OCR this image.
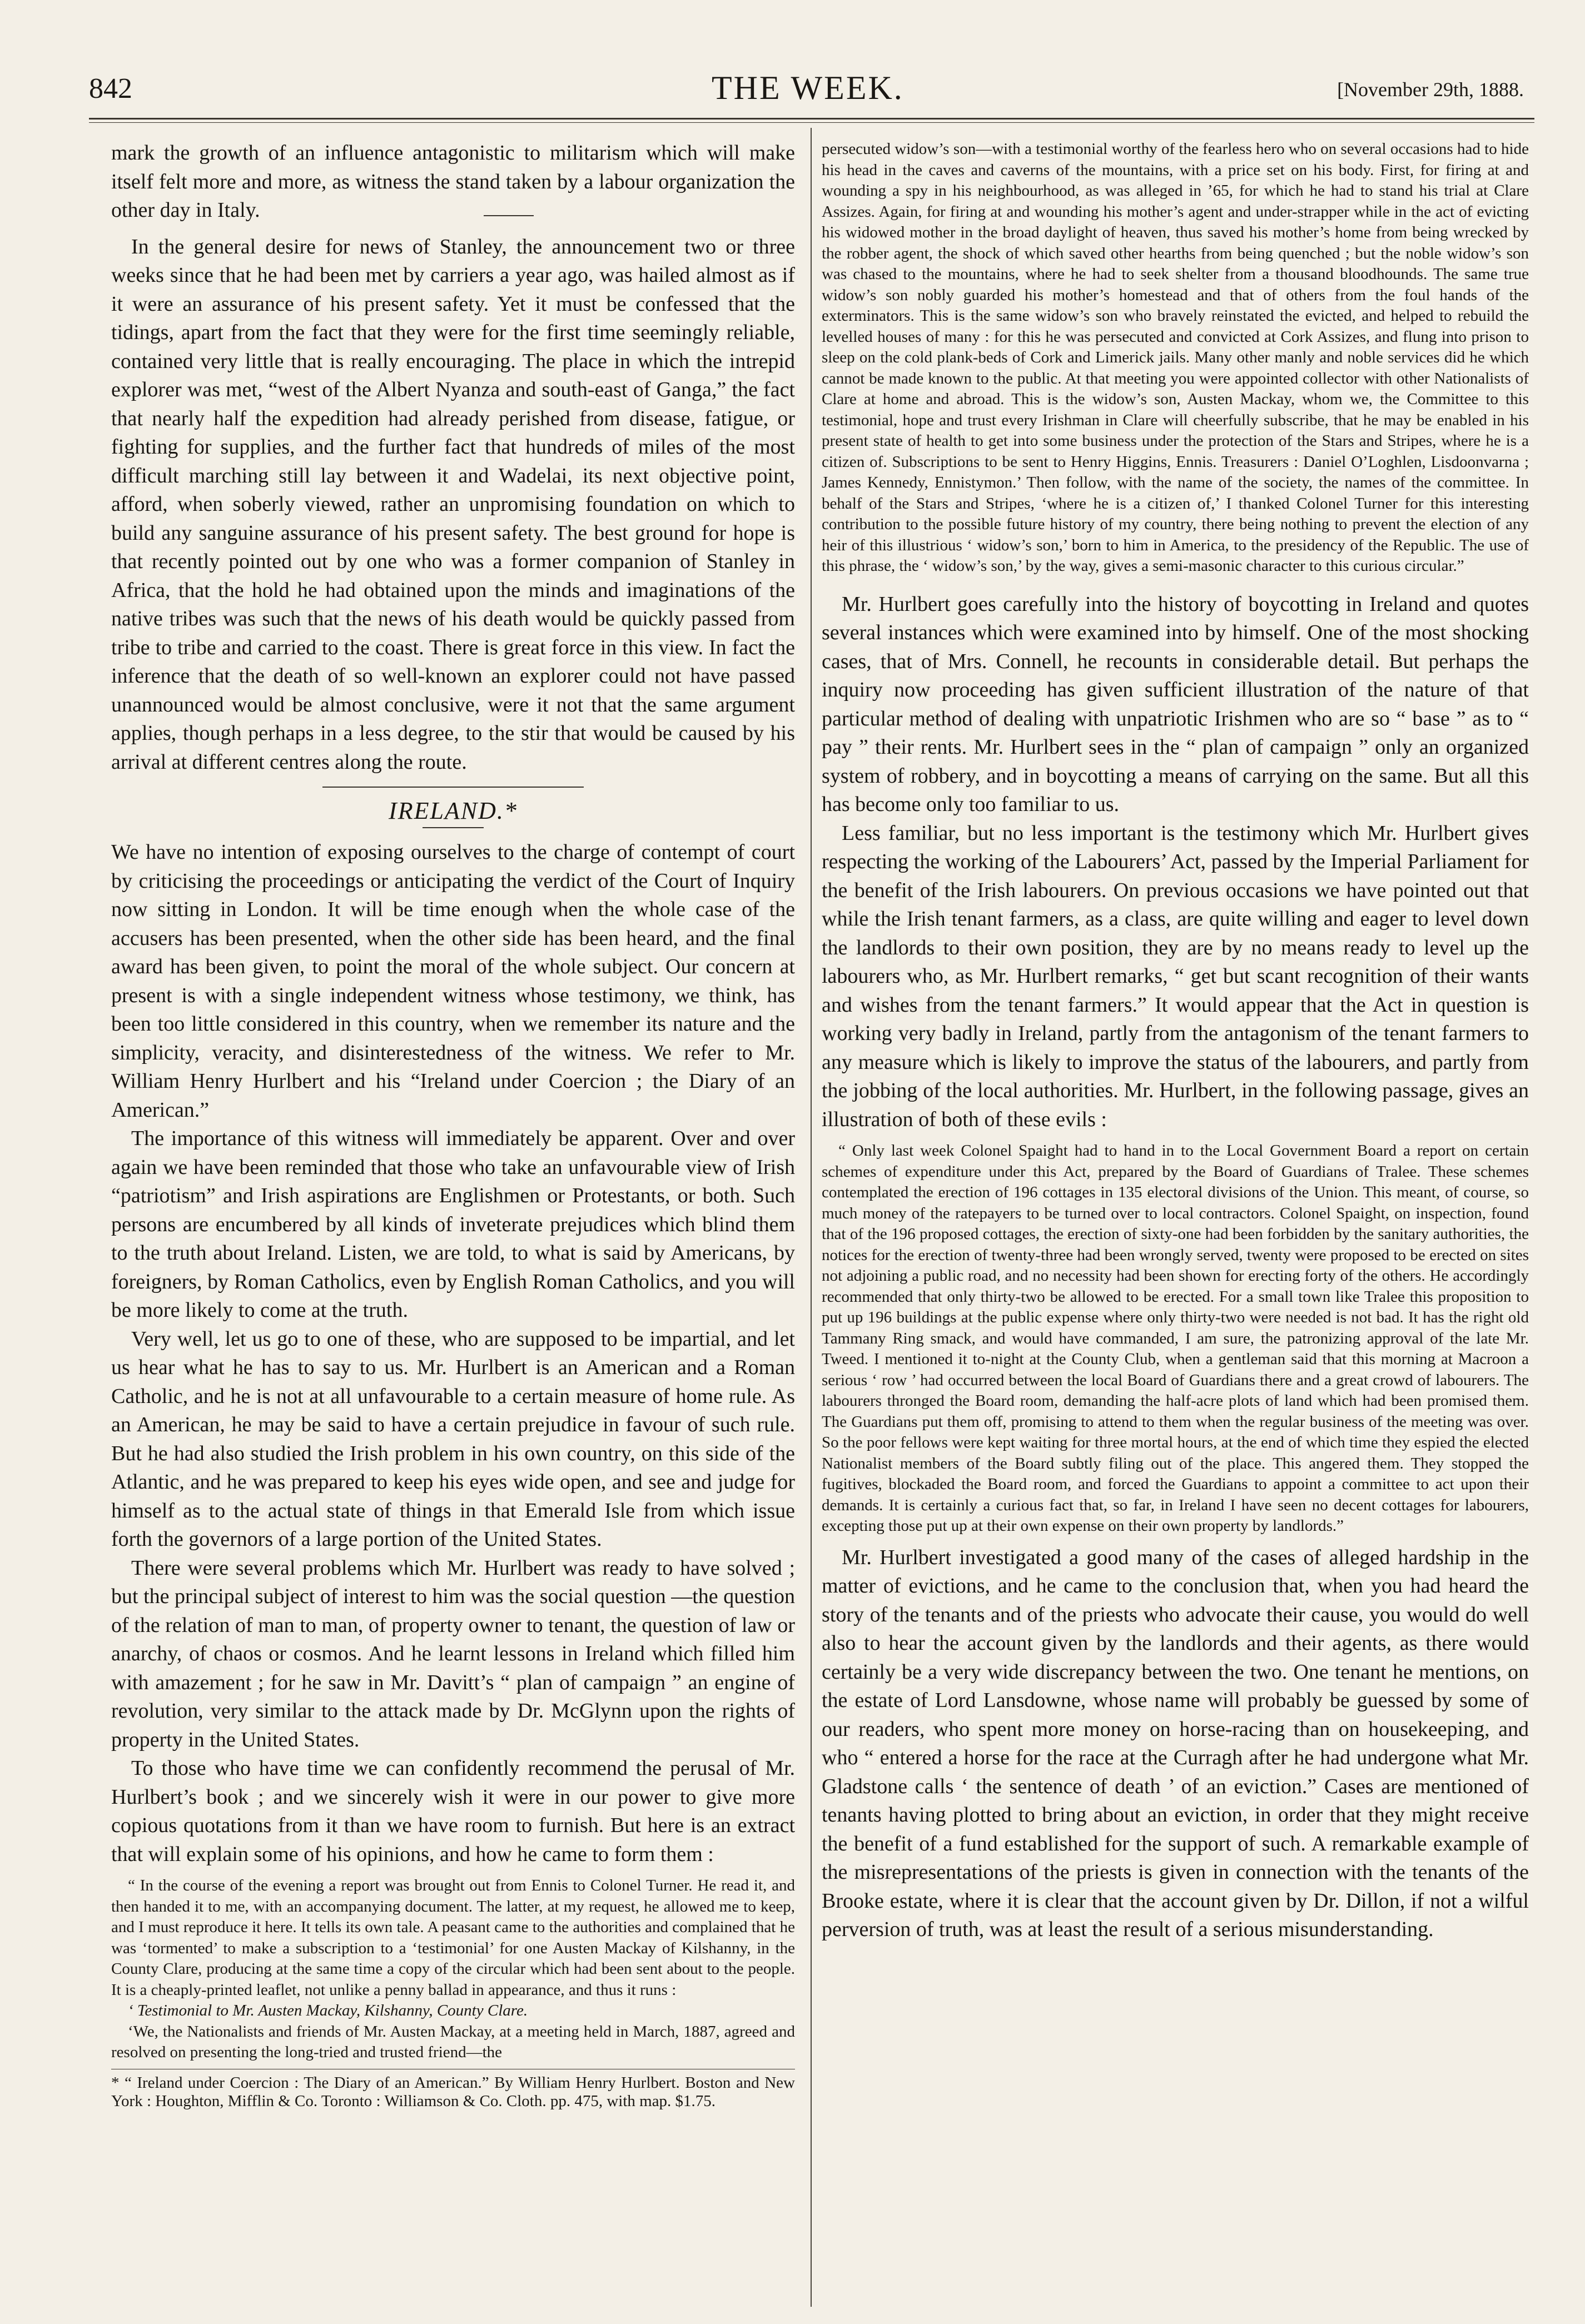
842	THE WEEK.	[November 29th, 1888.

mark the growth of an influence antagonistic to militarism which will make itself felt more and more, as witness the stand taken by a labour organization the other day in Italy.

In the general desire for news of Stanley, the announcement two or three weeks since that he had been met by carriers a year ago, was hailed almost as if it were an assurance of his present safety. Yet it must be confessed that the tidings, apart from the fact that they were for the first time seemingly reliable, contained very little that is really encouraging. The place in which the intrepid explorer was met, “west of the Albert Nyanza and south-east of Ganga,” the fact that nearly half the expedition had already perished from disease, fatigue, or fighting for supplies, and the further fact that hundreds of miles of the most difficult marching still lay between it and Wadelai, its next objective point, afford, when soberly viewed, rather an unpromising foundation on which to build any sanguine assurance of his present safety. The best ground for hope is that recently pointed out by one who was a former companion of Stanley in Africa, that the hold he had obtained upon the minds and imaginations of the native tribes was such that the news of his death would be quickly passed from tribe to tribe and carried to the coast. There is great force in this view. In fact the inference that the death of so well-known an explorer could not have passed unannounced would be almost conclusive, were it not that the same argument applies, though perhaps in a less degree, to the stir that would be caused by his arrival at different centres along the route.

IRELAND.*

We have no intention of exposing ourselves to the charge of contempt of court by criticising the proceedings or anticipating the verdict of the Court of Inquiry now sitting in London. It will be time enough when the whole case of the accusers has been presented, when the other side has been heard, and the final award has been given, to point the moral of the whole subject. Our concern at present is with a single independent witness whose testimony, we think, has been too little considered in this country, when we remember its nature and the simplicity, veracity, and disinterestedness of the witness. We refer to Mr. William Henry Hurlbert and his “Ireland under Coercion ; the Diary of an American.”

The importance of this witness will immediately be apparent. Over and over again we have been reminded that those who take an unfavourable view of Irish “patriotism” and Irish aspirations are Englishmen or Protestants, or both. Such persons are encumbered by all kinds of inveterate prejudices which blind them to the truth about Ireland. Listen, we are told, to what is said by Americans, by foreigners, by Roman Catholics, even by English Roman Catholics, and you will be more likely to come at the truth.

Very well, let us go to one of these, who are supposed to be impartial, and let us hear what he has to say to us. Mr. Hurlbert is an American and a Roman Catholic, and he is not at all unfavourable to a certain measure of home rule. As an American, he may be said to have a certain prejudice in favour of such rule. But he had also studied the Irish problem in his own country, on this side of the Atlantic, and he was prepared to keep his eyes wide open, and see and judge for himself as to the actual state of things in that Emerald Isle from which issue forth the governors of a large portion of the United States.

There were several problems which Mr. Hurlbert was ready to have solved ; but the principal subject of interest to him was the social question —the question of the relation of man to man, of property owner to tenant, the question of law or anarchy, of chaos or cosmos. And he learnt lessons in Ireland which filled him with amazement ; for he saw in Mr. Davitt’s “ plan of campaign ” an engine of revolution, very similar to the attack made by Dr. McGlynn upon the rights of property in the United States.

To those who have time we can confidently recommend the perusal of Mr. Hurlbert’s book ; and we sincerely wish it were in our power to give more copious quotations from it than we have room to furnish. But here is an extract that will explain some of his opinions, and how he came to form them :

“ In the course of the evening a report was brought out from Ennis to Colonel Turner. He read it, and then handed it to me, with an accompanying document. The latter, at my request, he allowed me to keep, and I must reproduce it here. It tells its own tale. A peasant came to the authorities and complained that he was ‘tormented’ to make a subscription to a ‘testimonial’ for one Austen Mackay of Kilshanny, in the County Clare, producing at the same time a copy of the circular which had been sent about to the people. It is a cheaply-printed leaflet, not unlike a penny ballad in appearance, and thus it runs :

‘ Testimonial to Mr. Austen Mackay, Kilshanny, County Clare.

‘We, the Nationalists and friends of Mr. Austen Mackay, at a meeting held in March, 1887, agreed and resolved on presenting the long-tried and trusted friend—the

* “ Ireland under Coercion : The Diary of an American.” By William Henry Hurlbert. Boston and New York : Houghton, Mifflin & Co. Toronto : Williamson & Co. Cloth. pp. 475, with map. $1.75.

persecuted widow’s son—with a testimonial worthy of the fearless hero who on several occasions had to hide his head in the caves and caverns of the mountains, with a price set on his body. First, for firing at and wounding a spy in his neighbourhood, as was alleged in ’65, for which he had to stand his trial at Clare Assizes. Again, for firing at and wounding his mother’s agent and under-strapper while in the act of evicting his widowed mother in the broad daylight of heaven, thus saved his mother’s home from being wrecked by the robber agent, the shock of which saved other hearths from being quenched ; but the noble widow’s son was chased to the mountains, where he had to seek shelter from a thousand bloodhounds. The same true widow’s son nobly guarded his mother’s homestead and that of others from the foul hands of the exterminators. This is the same widow’s son who bravely reinstated the evicted, and helped to rebuild the levelled houses of many : for this he was persecuted and convicted at Cork Assizes, and flung into prison to sleep on the cold plank-beds of Cork and Limerick jails. Many other manly and noble services did he which cannot be made known to the public. At that meeting you were appointed collector with other Nationalists of Clare at home and abroad. This is the widow’s son, Austen Mackay, whom we, the Committee to this testimonial, hope and trust every Irishman in Clare will cheerfully subscribe, that he may be enabled in his present state of health to get into some business under the protection of the Stars and Stripes, where he is a citizen of. Subscriptions to be sent to Henry Higgins, Ennis. Treasurers : Daniel O’Loghlen, Lisdoonvarna ; James Kennedy, Ennistymon.’ Then follow, with the name of the society, the names of the committee. In behalf of the Stars and Stripes, ‘where he is a citizen of,’ I thanked Colonel Turner for this interesting contribution to the possible future history of my country, there being nothing to prevent the election of any heir of this illustrious ‘ widow’s son,’ born to him in America, to the presidency of the Republic. The use of this phrase, the ‘ widow’s son,’ by the way, gives a semi-masonic character to this curious circular.”

Mr. Hurlbert goes carefully into the history of boycotting in Ireland and quotes several instances which were examined into by himself. One of the most shocking cases, that of Mrs. Connell, he recounts in considerable detail. But perhaps the inquiry now proceeding has given sufficient illustration of the nature of that particular method of dealing with unpatriotic Irishmen who are so “ base ” as to “ pay ” their rents. Mr. Hurlbert sees in the “ plan of campaign ” only an organized system of robbery, and in boycotting a means of carrying on the same. But all this has become only too familiar to us.

Less familiar, but no less important is the testimony which Mr. Hurlbert gives respecting the working of the Labourers’ Act, passed by the Imperial Parliament for the benefit of the Irish labourers. On previous occasions we have pointed out that while the Irish tenant farmers, as a class, are quite willing and eager to level down the landlords to their own position, they are by no means ready to level up the labourers who, as Mr. Hurlbert remarks, “ get but scant recognition of their wants and wishes from the tenant farmers.” It would appear that the Act in question is working very badly in Ireland, partly from the antagonism of the tenant farmers to any measure which is likely to improve the status of the labourers, and partly from the jobbing of the local authorities. Mr. Hurlbert, in the following passage, gives an illustration of both of these evils :

“ Only last week Colonel Spaight had to hand in to the Local Government Board a report on certain schemes of expenditure under this Act, prepared by the Board of Guardians of Tralee. These schemes contemplated the erection of 196 cottages in 135 electoral divisions of the Union. This meant, of course, so much money of the ratepayers to be turned over to local contractors. Colonel Spaight, on inspection, found that of the 196 proposed cottages, the erection of sixty-one had been forbidden by the sanitary authorities, the notices for the erection of twenty-three had been wrongly served, twenty were proposed to be erected on sites not adjoining a public road, and no necessity had been shown for erecting forty of the others. He accordingly recommended that only thirty-two be allowed to be erected. For a small town like Tralee this proposition to put up 196 buildings at the public expense where only thirty-two were needed is not bad. It has the right old Tammany Ring smack, and would have commanded, I am sure, the patronizing approval of the late Mr. Tweed. I mentioned it to-night at the County Club, when a gentleman said that this morning at Macroon a serious ‘ row ’ had occurred between the local Board of Guardians there and a great crowd of labourers. The labourers thronged the Board room, demanding the half-acre plots of land which had been promised them. The Guardians put them off, promising to attend to them when the regular business of the meeting was over. So the poor fellows were kept waiting for three mortal hours, at the end of which time they espied the elected Nationalist members of the Board subtly filing out of the place. This angered them. They stopped the fugitives, blockaded the Board room, and forced the Guardians to appoint a committee to act upon their demands. It is certainly a curious fact that, so far, in Ireland I have seen no decent cottages for labourers, excepting those put up at their own expense on their own property by landlords.”

Mr. Hurlbert investigated a good many of the cases of alleged hardship in the matter of evictions, and he came to the conclusion that, when you had heard the story of the tenants and of the priests who advocate their cause, you would do well also to hear the account given by the landlords and their agents, as there would certainly be a very wide discrepancy between the two. One tenant he mentions, on the estate of Lord Lansdowne, whose name will probably be guessed by some of our readers, who spent more money on horse-racing than on housekeeping, and who “ entered a horse for the race at the Curragh after he had undergone what Mr. Gladstone calls ‘ the sentence of death ’ of an eviction.” Cases are mentioned of tenants having plotted to bring about an eviction, in order that they might receive the benefit of a fund established for the support of such. A remarkable example of the misrepresentations of the priests is given in connection with the tenants of the Brooke estate, where it is clear that the account given by Dr. Dillon, if not a wilful perversion of truth, was at least the result of a serious misunderstanding.
